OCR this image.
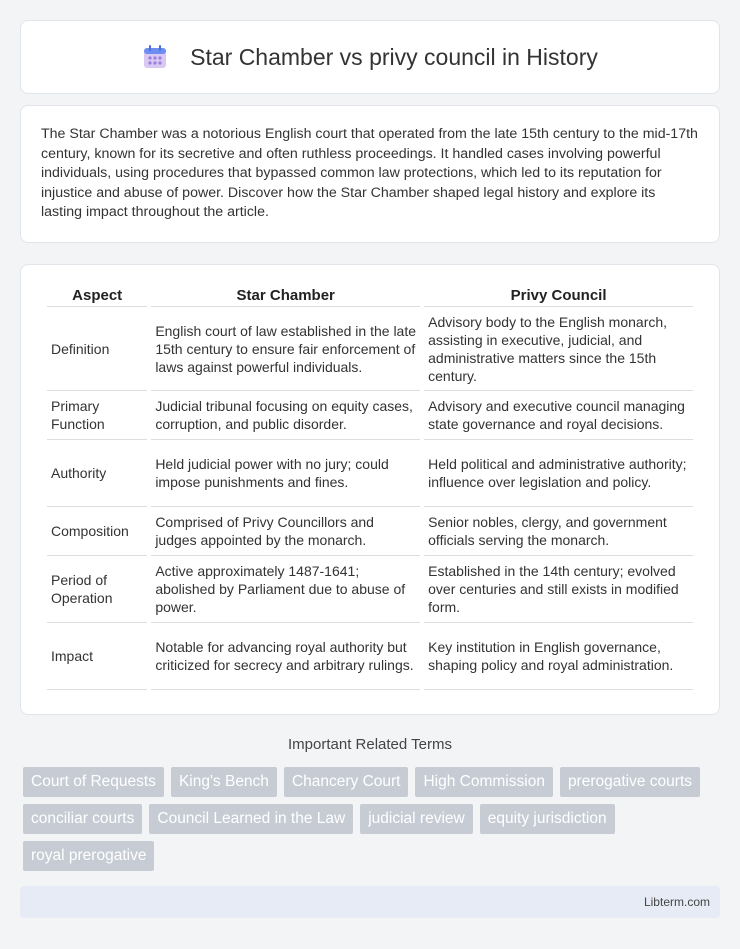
Star Chamber vs privy council in History

The Star Chamber was a notorious English court that operated from the late 15th century to the mid-17th century, known for its secretive and often ruthless proceedings. It handled cases involving powerful individuals, using procedures that bypassed common law protections, which led to its reputation for injustice and abuse of power. Discover how the Star Chamber shaped legal history and explore its lasting impact throughout the article.

Aspect	Star Chamber	Privy Council
Definition	English court of law established in the late 15th century to ensure fair enforcement of laws against powerful individuals.	Advisory body to the English monarch, assisting in executive, judicial, and administrative matters since the 15th century.
Primary Function	Judicial tribunal focusing on equity cases, corruption, and public disorder.	Advisory and executive council managing state governance and royal decisions.
Authority	Held judicial power with no jury; could impose punishments and fines.	Held political and administrative authority; influence over legislation and policy.
Composition	Comprised of Privy Councillors and judges appointed by the monarch.	Senior nobles, clergy, and government officials serving the monarch.
Period of Operation	Active approximately 1487-1641; abolished by Parliament due to abuse of power.	Established in the 14th century; evolved over centuries and still exists in modified form.
Impact	Notable for advancing royal authority but criticized for secrecy and arbitrary rulings.	Key institution in English governance, shaping policy and royal administration.
Important Related Terms
Court of Requests	King's Bench	Chancery Court	High Commission	prerogative courts
conciliar courts	Council Learned in the Law	judicial review	equity jurisdiction
royal prerogative
Libterm.com
